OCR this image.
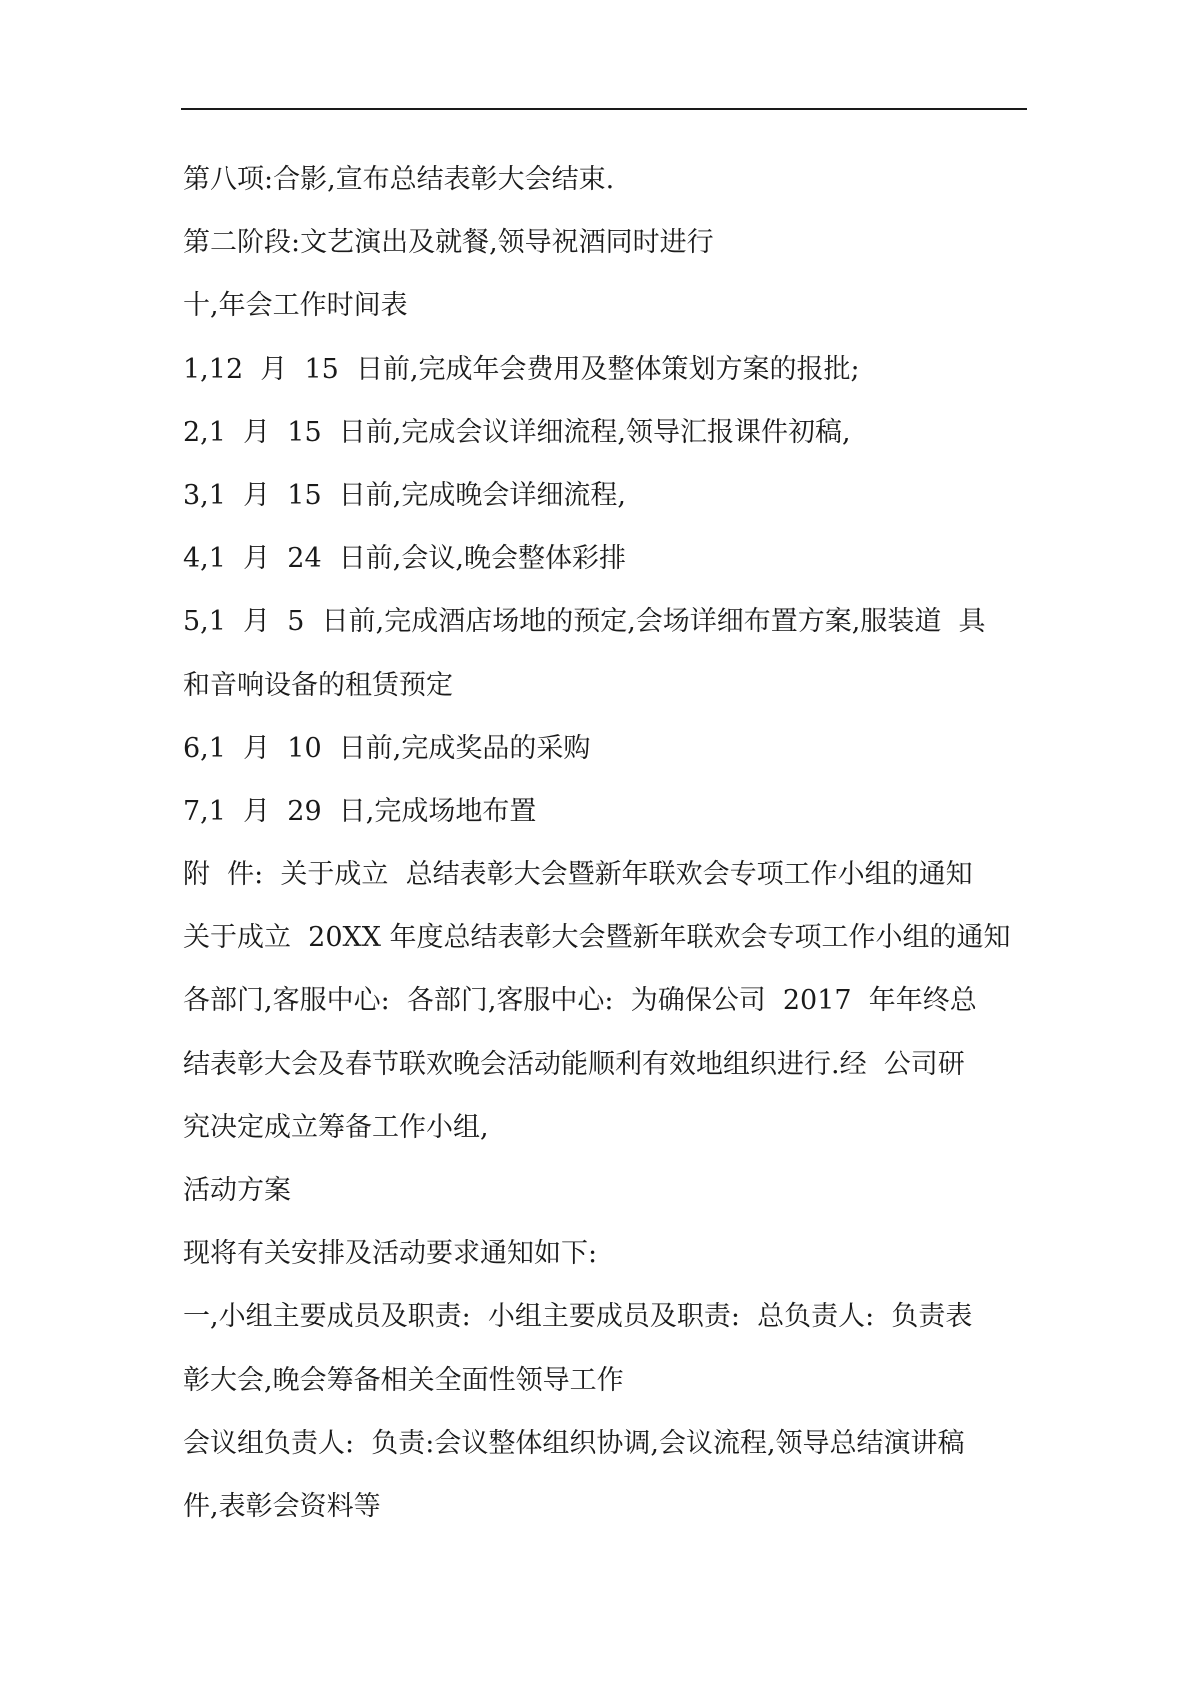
第八项:合影,宣布总结表彰大会结束.
第二阶段:文艺演出及就餐,领导祝酒同时进行
十,年会工作时间表
1,12  月  15  日前,完成年会费用及整体策划方案的报批;
2,1  月  15  日前,完成会议详细流程,领导汇报课件初稿,
3,1  月  15  日前,完成晚会详细流程,
4,1  月  24  日前,会议,晚会整体彩排
5,1  月  5  日前,完成酒店场地的预定,会场详细布置方案,服装道  具
和音响设备的租赁预定
6,1  月  10  日前,完成奖品的采购
7,1  月  29  日,完成场地布置
附  件:  关于成立  总结表彰大会暨新年联欢会专项工作小组的通知
关于成立  20XX 年度总结表彰大会暨新年联欢会专项工作小组的通知
各部门,客服中心:  各部门,客服中心:  为确保公司  2017  年年终总
结表彰大会及春节联欢晚会活动能顺利有效地组织进行.经  公司研
究决定成立筹备工作小组,
活动方案
现将有关安排及活动要求通知如下:
一,小组主要成员及职责:  小组主要成员及职责:  总负责人:  负责表
彰大会,晚会筹备相关全面性领导工作
会议组负责人:  负责:会议整体组织协调,会议流程,领导总结演讲稿
件,表彰会资料等
